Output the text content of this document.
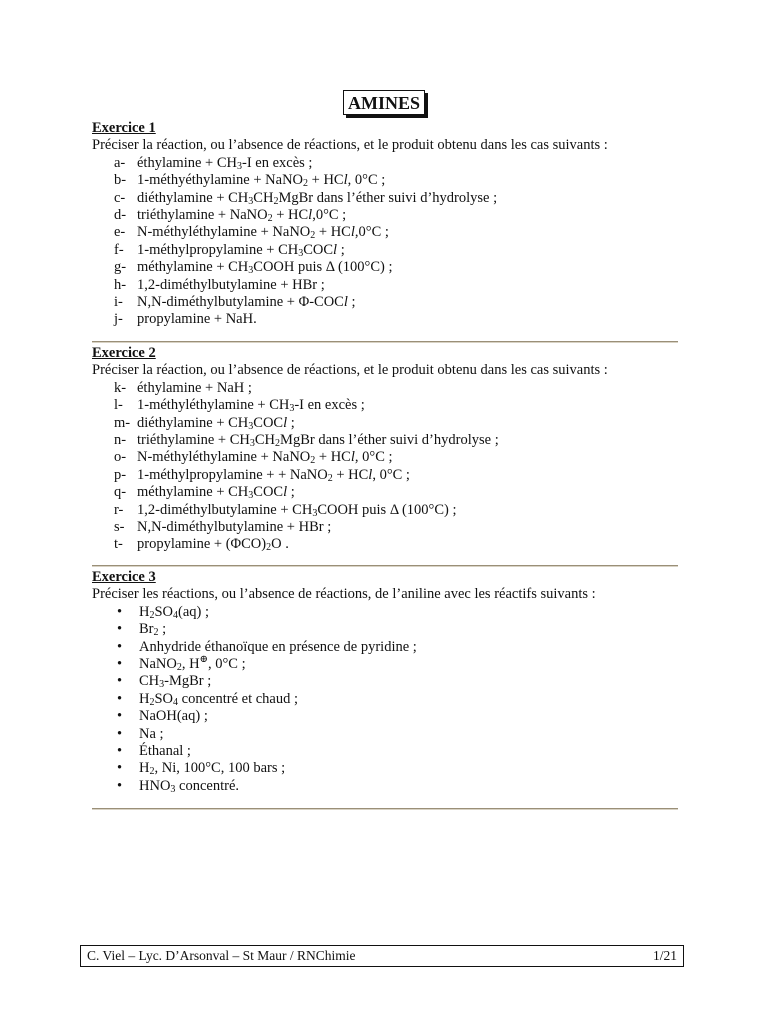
AMINES
Exercice 1
Préciser la réaction, ou l’absence de réactions, et le produit obtenu dans les cas suivants :
a- éthylamine + $CH_3-I$ en excès ;
b- 1-méthyéthylamine + NaNO$_2$ + HCl, 0°C ;
c- diéthylamine + $CH_3CH_2MgBr$ dans l’éther suivi d’hydrolyse ;
d- triéthylamine + NaNO$_2$ + HCl,0°C ;
e- N-méthyléthylamine + NaNO$_2$ + HCl,0°C ;
f- 1-méthylpropylamine + $CH_3COCl$ ;
g- méthylamine + $CH_3COOH$ puis Δ (100°C) ;
h- 1,2-diméthylbutylamine + HBr ;
i- N,N-diméthylbutylamine + Φ-COCl ;
j- propylamine + NaH.
Exercice 2
Préciser la réaction, ou l’absence de réactions, et le produit obtenu dans les cas suivants :
k- éthylamine + NaH ;
l- 1-méthyléthylamine + $CH_3-I$ en excès ;
m- diéthylamine + $CH_3COCl$ ;
n- triéthylamine + $CH_3CH_2MgBr$ dans l’éther suivi d’hydrolyse ;
o- N-méthyléthylamine + NaNO$_2$ + HCl, 0°C ;
p- 1-méthylpropylamine + + NaNO$_2$ + HCl, 0°C ;
q- méthylamine + $CH_3COCl$ ;
r- 1,2-diméthylbutylamine + $CH_3COOH$ puis Δ (100°C) ;
s- N,N-diméthylbutylamine + HBr ;
t- propylamine + $(\Phi CO)_2O$ .
Exercice 3
Préciser les réactions, ou l’absence de réactions, de l’aniline avec les réactifs suivants :
• $H_2SO_4(aq)$ ;
• $Br_2$ ;
• Anhydride éthanoïque en présence de pyridine ;
• NaNO$_2$, H⊕, 0°C ;
• $CH_3$-MgBr ;
• $H_2SO_4$ concentré et chaud ;
• NaOH(aq) ;
• Na ;
• Éthanal ;
• $H_2$, Ni, 100°C, 100 bars ;
• $HNO_3$ concentré.
C. Viel – Lyc. D’Arsonval – St Maur / RNChimie	1/21
